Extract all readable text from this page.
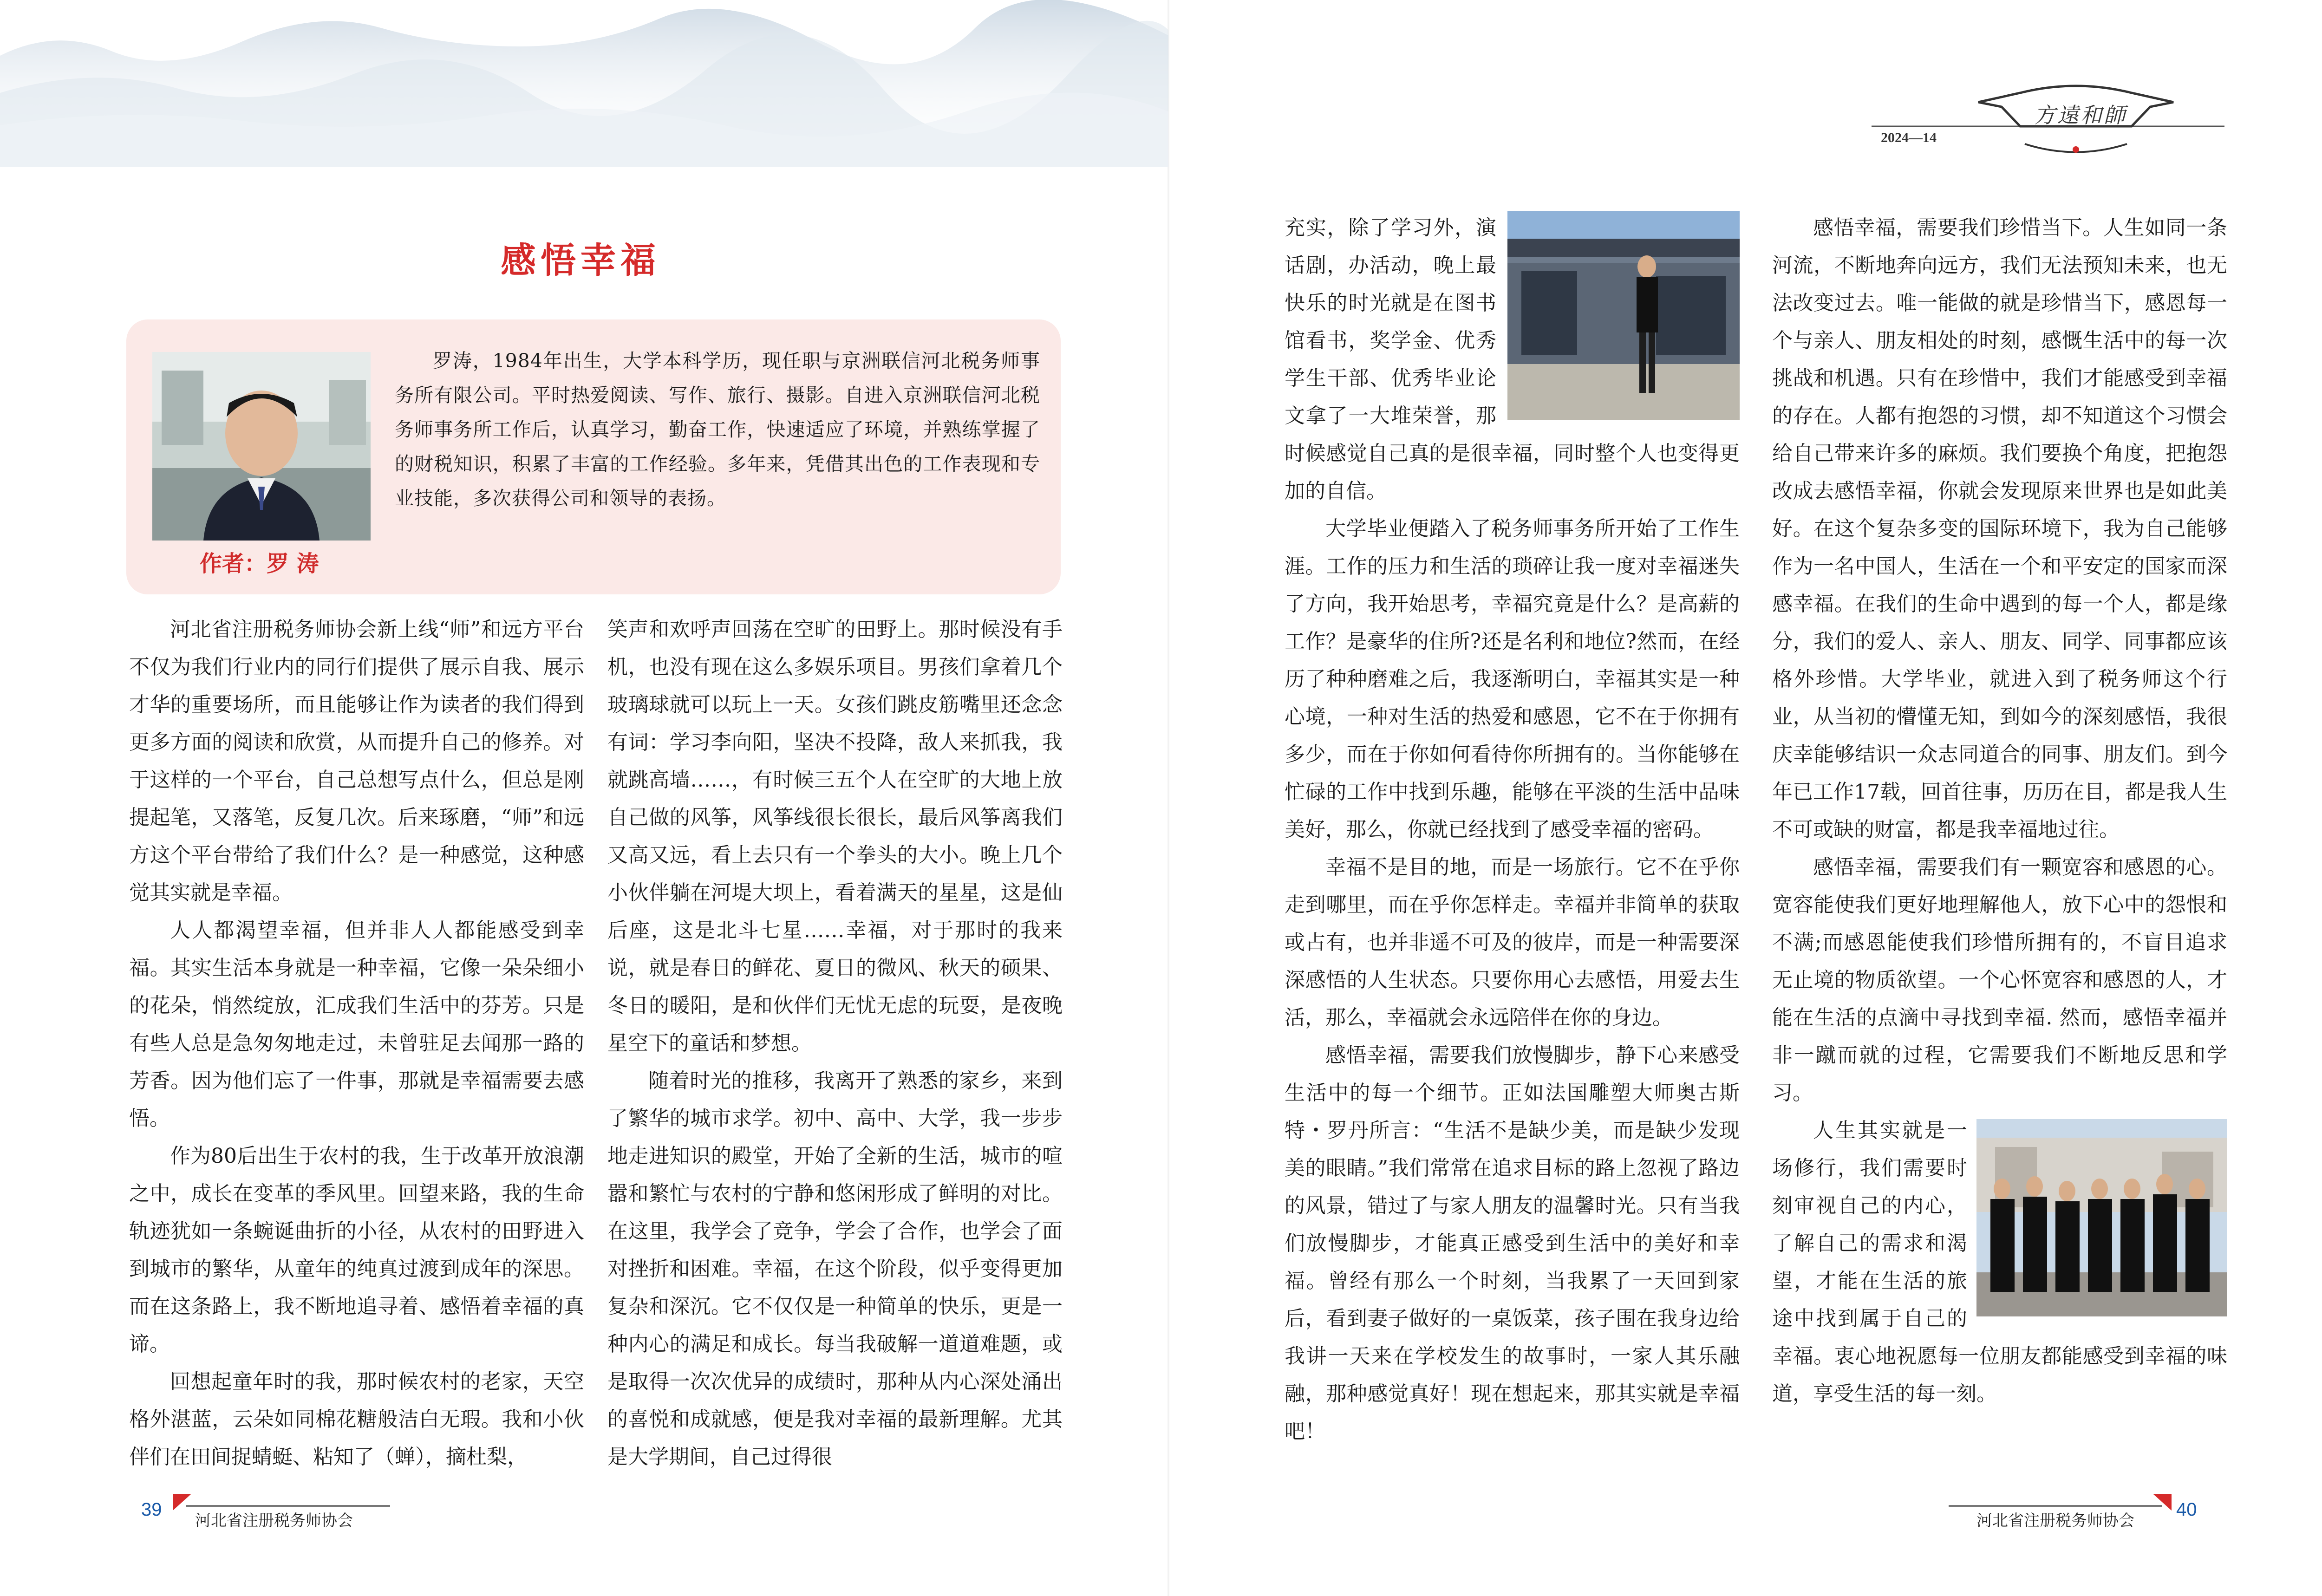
感悟幸福
罗涛，1984年出生，大学本科学历，现任职与京洲联信河北税务师事务所有限公司。平时热爱阅读、写作、旅行、摄影。自进入京洲联信河北税务师事务所工作后，认真学习，勤奋工作，快速适应了环境，并熟练掌握了的财税知识，积累了丰富的工作经验。多年来，凭借其出色的工作表现和专业技能，多次获得公司和领导的表扬。
作者：罗 涛

河北省注册税务师协会新上线“师”和远方平台不仅为我们行业内的同行们提供了展示自我、展示才华的重要场所，而且能够让作为读者的我们得到更多方面的阅读和欣赏，从而提升自己的修养。对于这样的一个平台，自己总想写点什么，但总是刚提起笔，又落笔，反复几次。后来琢磨，“师”和远方这个平台带给了我们什么？是一种感觉，这种感觉其实就是幸福。

人人都渴望幸福，但并非人人都能感受到幸福。其实生活本身就是一种幸福，它像一朵朵细小的花朵，悄然绽放，汇成我们生活中的芬芳。只是有些人总是急匆匆地走过，未曾驻足去闻那一路的芳香。因为他们忘了一件事，那就是幸福需要去感悟。

作为80后出生于农村的我，生于改革开放浪潮之中，成长在变革的季风里。回望来路，我的生命轨迹犹如一条蜿诞曲折的小径，从农村的田野进入到城市的繁华，从童年的纯真过渡到成年的深思。而在这条路上，我不断地追寻着、感悟着幸福的真谛。

回想起童年时的我，那时候农村的老家，天空格外湛蓝，云朵如同棉花糖般洁白无瑕。我和小伙伴们在田间捉蜻蜓、粘知了（蝉），摘杜梨，

笑声和欢呼声回荡在空旷的田野上。那时候没有手机，也没有现在这么多娱乐项目。男孩们拿着几个玻璃球就可以玩上一天。女孩们跳皮筋嘴里还念念有词：学习李向阳，坚决不投降，敌人来抓我，我就跳高墙……，有时候三五个人在空旷的大地上放自己做的风筝，风筝线很长很长，最后风筝离我们又高又远，看上去只有一个拳头的大小。晚上几个小伙伴躺在河堤大坝上，看着满天的星星，这是仙后座，这是北斗七星……幸福，对于那时的我来说，就是春日的鲜花、夏日的微风、秋天的硕果、冬日的暖阳，是和伙伴们无忧无虑的玩耍，是夜晚星空下的童话和梦想。

随着时光的推移，我离开了熟悉的家乡，来到了繁华的城市求学。初中、高中、大学，我一步步地走进知识的殿堂，开始了全新的生活，城市的喧嚣和繁忙与农村的宁静和悠闲形成了鲜明的对比。在这里，我学会了竞争，学会了合作，也学会了面对挫折和困难。幸福，在这个阶段，似乎变得更加复杂和深沉。它不仅仅是一种简单的快乐，更是一种内心的满足和成长。每当我破解一道道难题，或是取得一次次优异的成绩时，那种从内心深处涌出的喜悦和成就感，便是我对幸福的最新理解。尤其是大学期间，自己过得很

39
河北省注册税务师协会
方遠和師
2024—14

充实，除了学习外，演话剧，办活动，晚上最快乐的时光就是在图书馆看书，奖学金、优秀学生干部、优秀毕业论文拿了一大堆荣誉，那时候感觉自己真的是很幸福，同时整个人也变得更加的自信。

大学毕业便踏入了税务师事务所开始了工作生涯。工作的压力和生活的琐碎让我一度对幸福迷失了方向，我开始思考，幸福究竟是什么？是高薪的工作？是豪华的住所?还是名利和地位?然而，在经历了种种磨难之后，我逐渐明白，幸福其实是一种心境，一种对生活的热爱和感恩，它不在于你拥有多少，而在于你如何看待你所拥有的。当你能够在忙碌的工作中找到乐趣，能够在平淡的生活中品味美好，那么，你就已经找到了感受幸福的密码。

幸福不是目的地，而是一场旅行。它不在乎你走到哪里，而在乎你怎样走。幸福并非简单的获取或占有，也并非遥不可及的彼岸，而是一种需要深深感悟的人生状态。只要你用心去感悟，用爱去生活，那么，幸福就会永远陪伴在你的身边。

感悟幸福，需要我们放慢脚步，静下心来感受生活中的每一个细节。正如法国雕塑大师奥古斯特・罗丹所言：“生活不是缺少美，而是缺少发现美的眼睛。”我们常常在追求目标的路上忽视了路边的风景，错过了与家人朋友的温馨时光。只有当我们放慢脚步，才能真正感受到生活中的美好和幸福。曾经有那么一个时刻，当我累了一天回到家后，看到妻子做好的一桌饭菜，孩子围在我身边给我讲一天来在学校发生的故事时，一家人其乐融融，那种感觉真好！现在想起来，那其实就是幸福吧！

感悟幸福，需要我们珍惜当下。人生如同一条河流，不断地奔向远方，我们无法预知未来，也无法改变过去。唯一能做的就是珍惜当下，感恩每一个与亲人、朋友相处的时刻，感慨生活中的每一次挑战和机遇。只有在珍惜中，我们才能感受到幸福的存在。人都有抱怨的习惯，却不知道这个习惯会给自己带来许多的麻烦。我们要换个角度，把抱怨改成去感悟幸福，你就会发现原来世界也是如此美好。在这个复杂多变的国际环境下，我为自己能够作为一名中国人，生活在一个和平安定的国家而深感幸福。在我们的生命中遇到的每一个人，都是缘分，我们的爱人、亲人、朋友、同学、同事都应该格外珍惜。大学毕业，就进入到了税务师这个行业，从当初的懵懂无知，到如今的深刻感悟，我很庆幸能够结识一众志同道合的同事、朋友们。到今年已工作17载，回首往事，历历在目，都是我人生不可或缺的财富，都是我幸福地过往。

感悟幸福，需要我们有一颗宽容和感恩的心。宽容能使我们更好地理解他人，放下心中的怨恨和不满;而感恩能使我们珍惜所拥有的，不盲目追求无止境的物质欲望。一个心怀宽容和感恩的人，才能在生活的点滴中寻找到幸福. 然而，感悟幸福并非一蹴而就的过程，它需要我们不断地反思和学习。

人生其实就是一场修行，我们需要时刻审视自己的内心，了解自己的需求和渴望，才能在生活的旅途中找到属于自己的幸福。衷心地祝愿每一位朋友都能感受到幸福的味道，享受生活的每一刻。

河北省注册税务师协会
40
